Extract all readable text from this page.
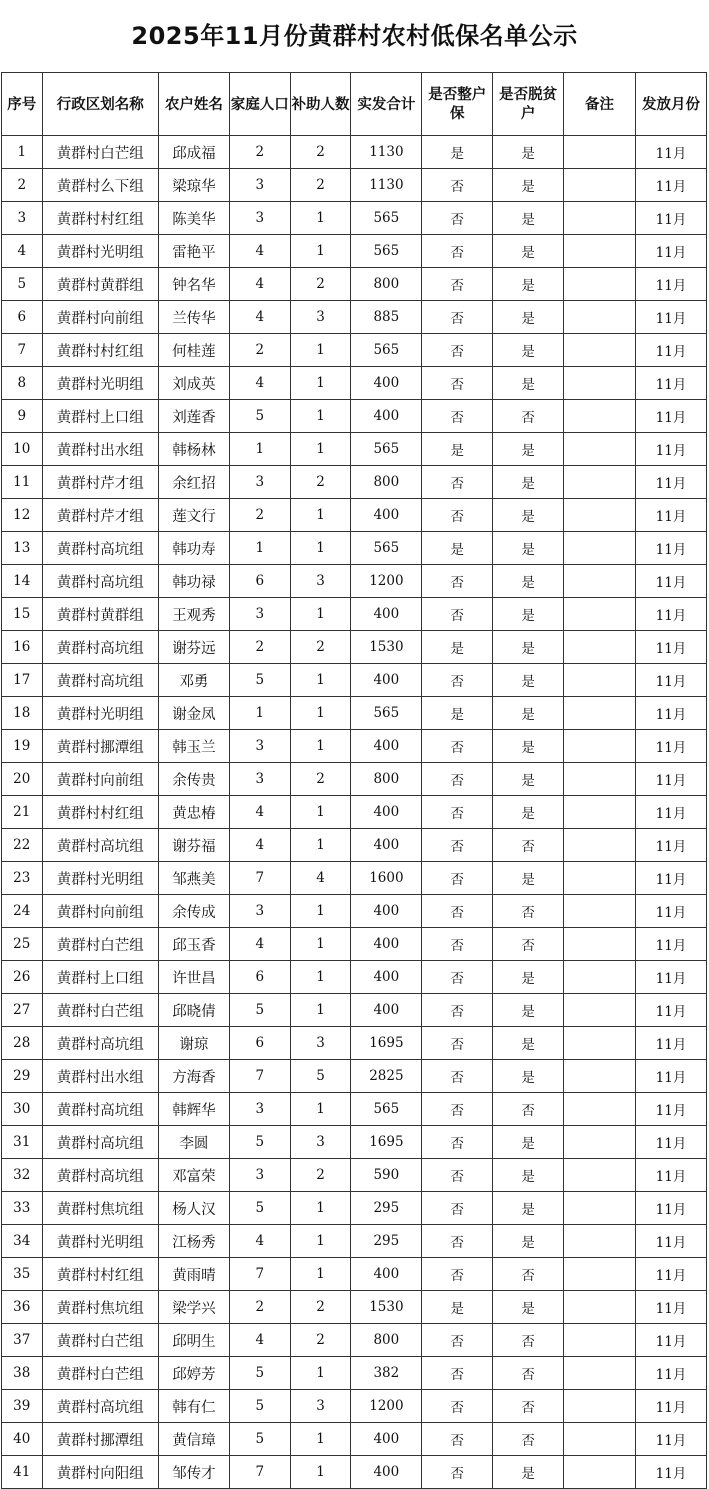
2025年11月份黄群村农村低保名单公示
序号	行政区划名称	农户姓名	家庭人口	补助人数	实发合计	是否整户保	是否脱贫户	备注	发放月份
1	黄群村白芒组	邱成福	2	2	1130	是	是		11月
2	黄群村么下组	梁琼华	3	2	1130	否	是		11月
3	黄群村村红组	陈美华	3	1	565	否	是		11月
4	黄群村光明组	雷艳平	4	1	565	否	是		11月
5	黄群村黄群组	钟名华	4	2	800	否	是		11月
6	黄群村向前组	兰传华	4	3	885	否	是		11月
7	黄群村村红组	何桂莲	2	1	565	否	是		11月
8	黄群村光明组	刘成英	4	1	400	否	是		11月
9	黄群村上口组	刘莲香	5	1	400	否	否		11月
10	黄群村出水组	韩杨林	1	1	565	是	是		11月
11	黄群村芹才组	余红招	3	2	800	否	是		11月
12	黄群村芹才组	莲文行	2	1	400	否	是		11月
13	黄群村高坑组	韩功寿	1	1	565	是	是		11月
14	黄群村高坑组	韩功禄	6	3	1200	否	是		11月
15	黄群村黄群组	王观秀	3	1	400	否	是		11月
16	黄群村高坑组	谢芬远	2	2	1530	是	是		11月
17	黄群村高坑组	邓勇	5	1	400	否	是		11月
18	黄群村光明组	谢金凤	1	1	565	是	是		11月
19	黄群村挪潭组	韩玉兰	3	1	400	否	是		11月
20	黄群村向前组	余传贵	3	2	800	否	是		11月
21	黄群村村红组	黄忠椿	4	1	400	否	是		11月
22	黄群村高坑组	谢芬福	4	1	400	否	否		11月
23	黄群村光明组	邹燕美	7	4	1600	否	是		11月
24	黄群村向前组	余传成	3	1	400	否	否		11月
25	黄群村白芒组	邱玉香	4	1	400	否	否		11月
26	黄群村上口组	许世昌	6	1	400	否	是		11月
27	黄群村白芒组	邱晓倩	5	1	400	否	是		11月
28	黄群村高坑组	谢琼	6	3	1695	否	是		11月
29	黄群村出水组	方海香	7	5	2825	否	是		11月
30	黄群村高坑组	韩辉华	3	1	565	否	否		11月
31	黄群村高坑组	李圆	5	3	1695	否	是		11月
32	黄群村高坑组	邓富荣	3	2	590	否	是		11月
33	黄群村焦坑组	杨人汉	5	1	295	否	是		11月
34	黄群村光明组	江杨秀	4	1	295	否	是		11月
35	黄群村村红组	黄雨晴	7	1	400	否	否		11月
36	黄群村焦坑组	梁学兴	2	2	1530	是	是		11月
37	黄群村白芒组	邱明生	4	2	800	否	否		11月
38	黄群村白芒组	邱婷芳	5	1	382	否	否		11月
39	黄群村高坑组	韩有仁	5	3	1200	否	否		11月
40	黄群村挪潭组	黄信璋	5	1	400	否	否		11月
41	黄群村向阳组	邹传才	7	1	400	否	是		11月
